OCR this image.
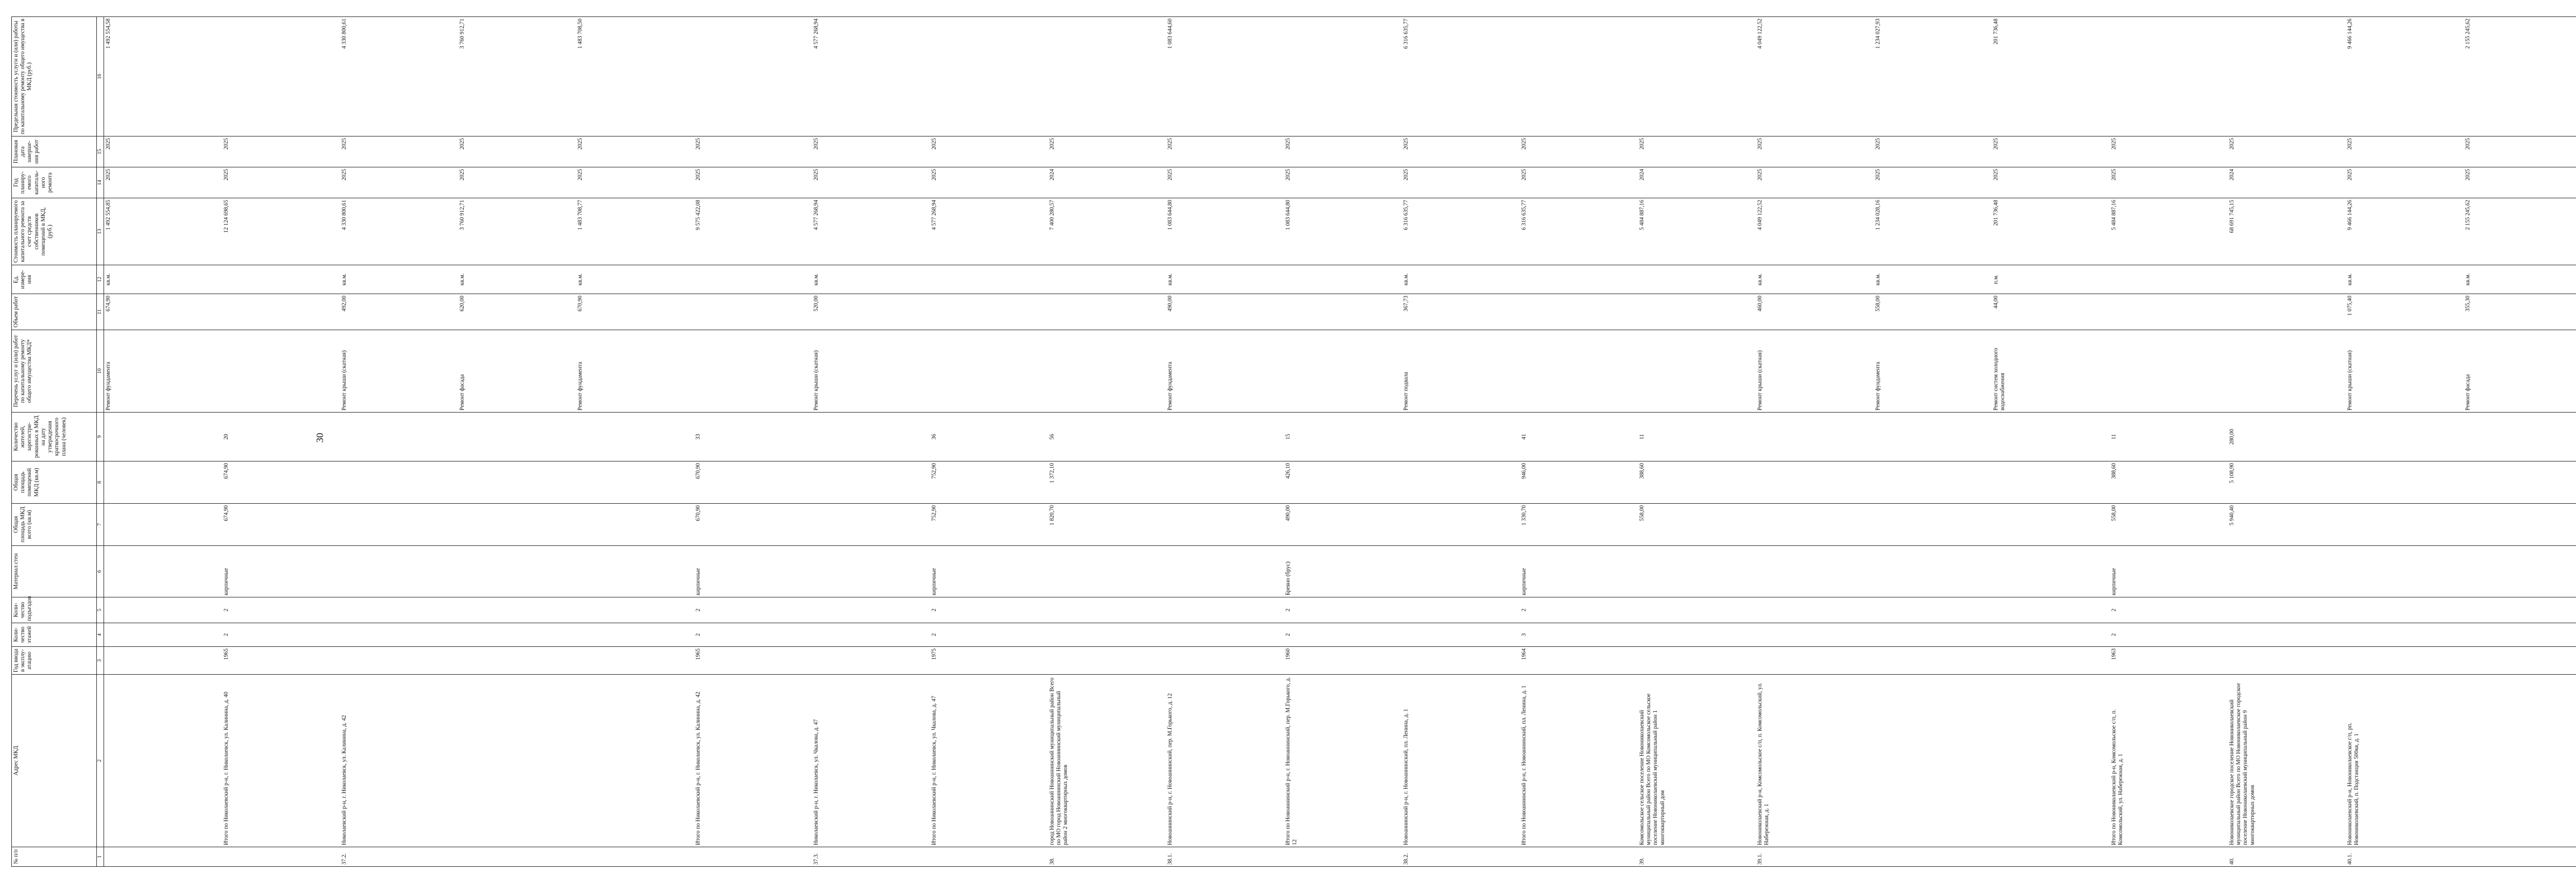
30
№ п/п	Адрес МКД	Год ввода в эксплу-атацию	Коли-чество этажей	Коли-чество подъездов	Материал стен	Общая площадь МКД всего (кв.м)	Общая площадь помещений МКД (кв.м)	Количество жителей, зарегистри-рованных в МКД на дату утверждения краткосрочного плана (человек)	Перечень услуг и (или) работ по капитальному ремонту общего имущества МКД*	Объем работ	Ед. измере-ния	Стоимость планируемого капитального ремонта за счет средств собственников помещений в МКД, (руб.)	Год планиру-емого капиталь-ного ремонта	Плановая дата заверше-ния работ	Предельная стоимость услуги и (или) работы по капитальному ремонту общего имущества в МКД (руб.)
1	2	3	4	5	6	7	8	9	10	11	12	13	14	15	16

									Ремонт фундамента	674,90	кв.м.	1 492 554,85	2025	2025	1 492 554,58

	Итого по Николаевский р-н, г. Николаевск, ул. Калинина, д. 40	1965	2	2	кирпичные	674,90	674,90	20				12 124 698,65	2025	2025	

37.2.	Николаевский р-н, г. Николаевск, ул. Калинина, д. 42								Ремонт крыши (скатная) Ремонт фасада Ремонт фундамента	492,00 620,00 670,90	кв.м. кв.м. кв.м.	4 330 800,61 3 760 912,71 1 483 708,77	2025 2025 2025	2025 2025 2025	4 330 800,61 3 760 912,71 1 483 708,50

	Итого по Николаевский р-н, г. Николаевск, ул. Калинина, д. 42	1965	2	2	кирпичные	670,90	670,90	33				9 575 422,08	2025	2025	

37.3.	Николаевский р-н, г. Николаевск, ул. Чкалова, д. 47								Ремонт крыши (скатная)	520,00	кв.м.	4 577 268,94	2025	2025	4 577 268,94

	Итого по Николаевский р-н, г. Николаевск, ул. Чкалова, д. 47	1975	2	2	кирпичные	752,90	752,90	36				4 577 268,94	2025	2025	

38.	город Новоаннинский Новоаннинский муниципальный район Всего по МО город Новоаннинский Новоаннинский муниципальный район 2 многоквартирных домов					1 820,70	1 372,10	56				7 400 280,57	2024	2025	

38.1.	Новоаннинский р-н, г. Новоаннинский, пер. М.Горького, д. 12								Ремонт фундамента	490,00	кв.м.	1 083 644,80	2025	2025	1 083 644,60

	Итого по Новоаннинский р-н, г. Новоаннинский, пер. М.Горького, д. 12	1960	2	2	Бревно (брус)	490,00	426,10	15				1 083 644,80	2025	2025	

38.2.	Новоаннинский р-н, г. Новоаннинский, пл. Ленина, д. 1								Ремонт подвала	367,73	кв.м.	6 316 635,77	2025	2025	6 316 635,77

	Итого по Новоаннинский р-н, г. Новоаннинский, пл. Ленина, д. 1	1964	3	2	кирпичные	1 330,70	946,00	41				6 316 635,77	2025	2025	

39.	Комсомольское сельское поселение Новониколаевский муниципальный район Всего по МО Комсомольское сельское поселение Новониколаевский муниципальный район 1 многоквартирный дом					558,00	388,60	11				5 484 887,16	2024	2025	

39.1.	Новониколаевский р-н, Комсомольское с/п, п. Комсомольский, ул. Набережная, д. 1								Ремонт крыши (скатная) Ремонт фундамента Ремонт систем холодного водоснабжения	460,00 558,00 44,00	кв.м. кв.м. п.м.	4 049 122,52 1 234 028,16 201 736,48	2025 2025 2025	2025 2025 2025	4 049 122,52 1 234 027,93 201 736,48

	Итого по Новониколаевский р-н, Комсомольское с/п, п. Комсомольский, ул. Набережная, д. 1	1963	2	2	кирпичные	558,00	388,60	11				5 484 887,16	2025	2025	

40.	Новониколаевское городское поселение Новониколаевский муниципальный район Всего по МО Новониколаевское городское поселение Новониколаевский муниципальный район 9 многоквартирных домов					5 940,40	5 108,90	280,00				68 691 745,15	2024	2025	

40.1.	Новониколаевский р-н, Новониколаевское г/п, рп. Новониколаевский, п. Подстанция 500кв, д. 1								Ремонт крыши (скатная) Ремонт фасада	1 075,40 355,30	кв.м. кв.м.	9 466 144,26 2 155 245,62	2025 2025	2025 2025	9 466 144,26 2 155 245,62
